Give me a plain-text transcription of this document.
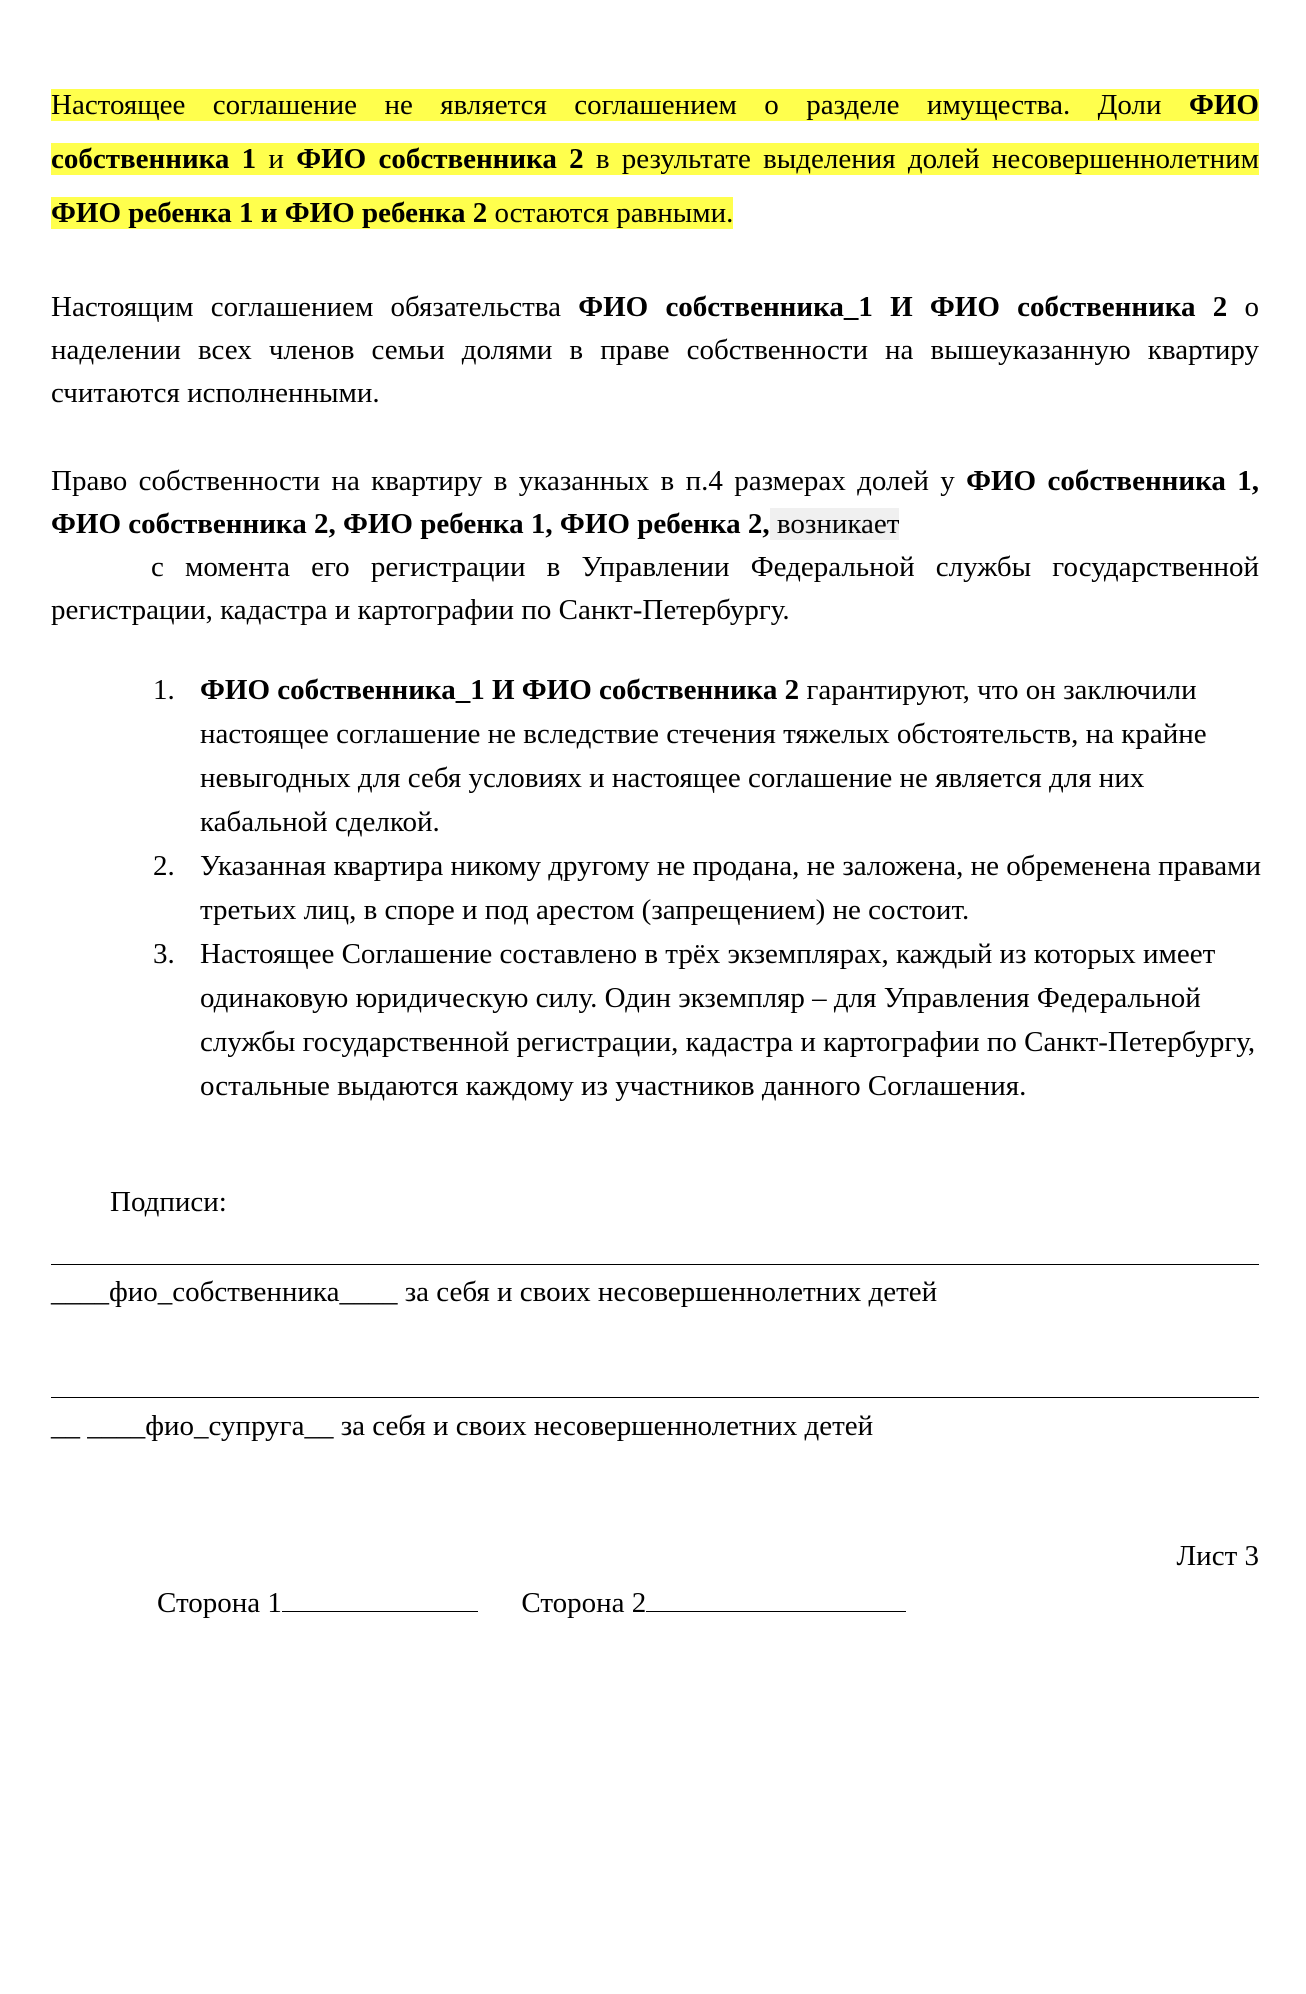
Настоящее соглашение не является соглашением о разделе имущества. Доли ФИО собственника 1 и ФИО собственника 2 в результате выделения долей несовершеннолетним ФИО ребенка 1 и ФИО ребенка 2 остаются равными.

Настоящим соглашением обязательства ФИО собственника_1 И ФИО собственника 2 о наделении всех членов семьи долями в праве собственности на вышеуказанную квартиру считаются исполненными.

Право собственности на квартиру в указанных в п.4 размерах долей у ФИО собственника 1, ФИО собственника 2, ФИО ребенка 1, ФИО ребенка 2, возникает
с момента его регистрации в Управлении Федеральной службы государственной регистрации, кадастра и картографии по Санкт-Петербургу.

1. ФИО собственника_1 И ФИО собственника 2 гарантируют, что он заключили настоящее соглашение не вследствие стечения тяжелых обстоятельств, на крайне невыгодных для себя условиях и настоящее соглашение не является для них кабальной сделкой.
2. Указанная квартира никому другому не продана, не заложена, не обременена правами третьих лиц, в споре и под арестом (запрещением) не состоит.
3. Настоящее Соглашение составлено в трёх экземплярах, каждый из которых имеет одинаковую юридическую силу. Один экземпляр – для Управления Федеральной службы государственной регистрации, кадастра и картографии по Санкт-Петербургу, остальные выдаются каждому из участников данного Соглашения.
Подписи:
____фио_собственника____ за себя и своих несовершеннолетних детей
__ ____фио_супруга__ за себя и своих несовершеннолетних детей
Лист 3
Сторона 1	Сторона 2
